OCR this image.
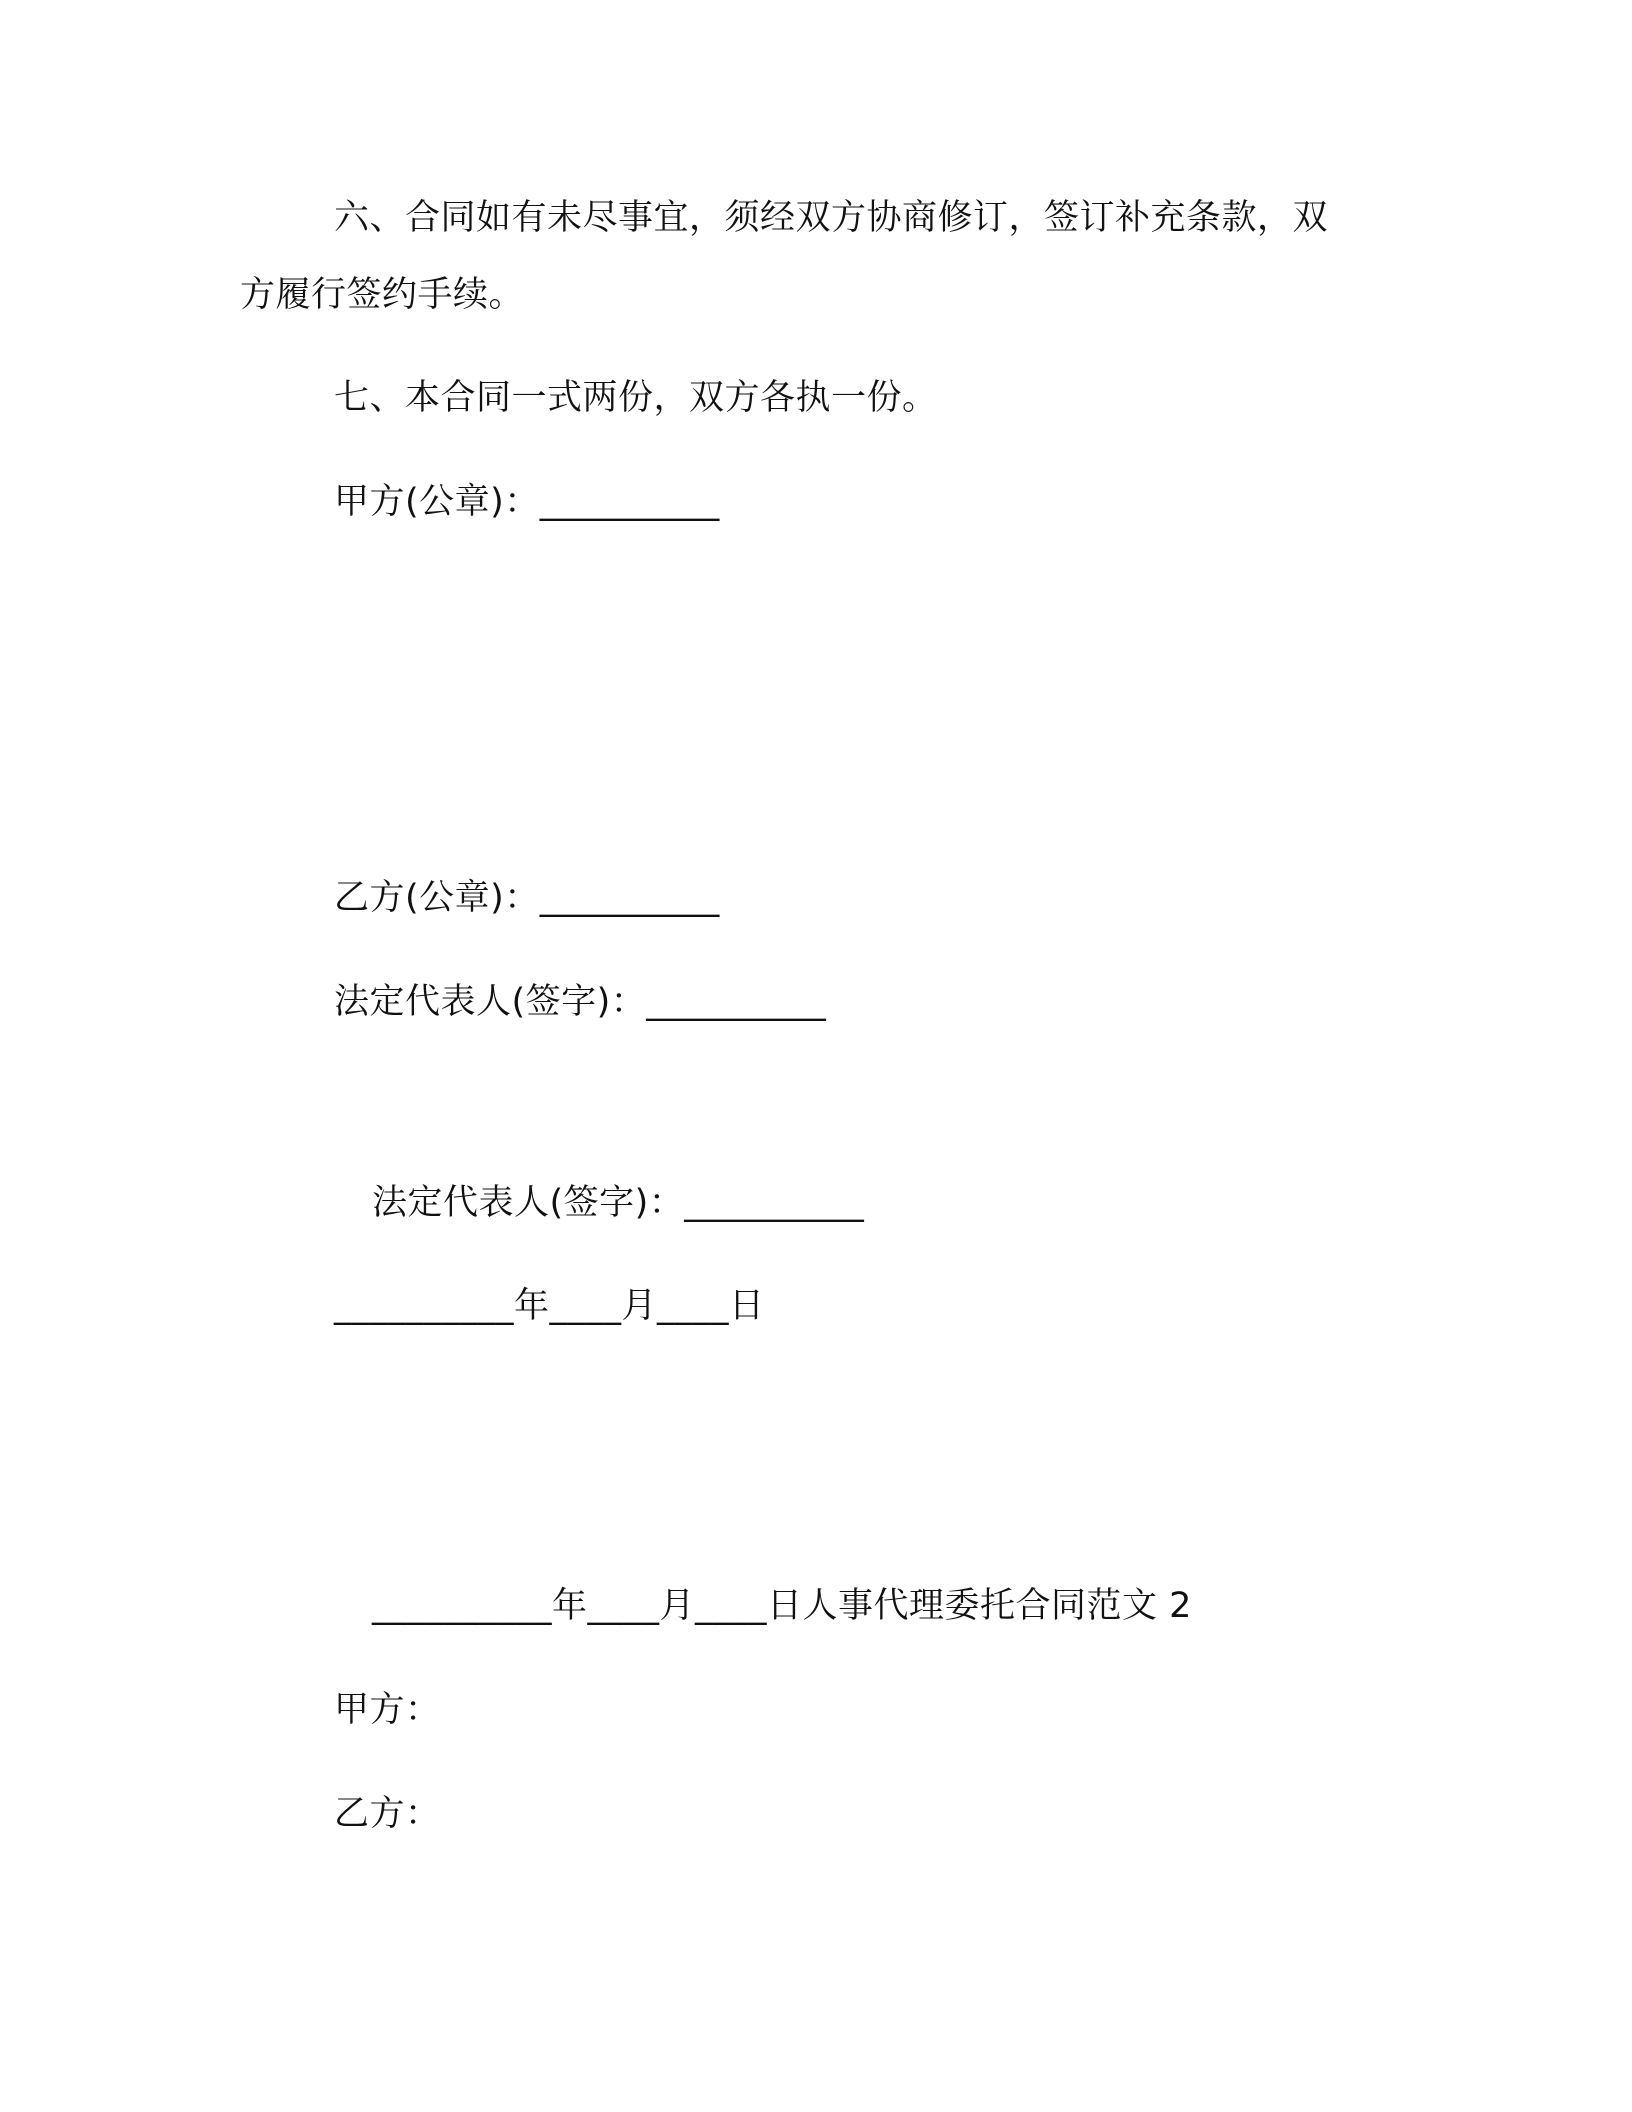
六、合同如有未尽事宜，须经双方协商修订，签订补充条款，双
方履行签约手续。
七、本合同一式两份，双方各执一份。
甲方(公章)：__________
乙方(公章)：__________
法定代表人(签字)：__________
法定代表人(签字)：__________
__________年____月____日
__________年____月____日人事代理委托合同范文 2
甲方：
乙方：
